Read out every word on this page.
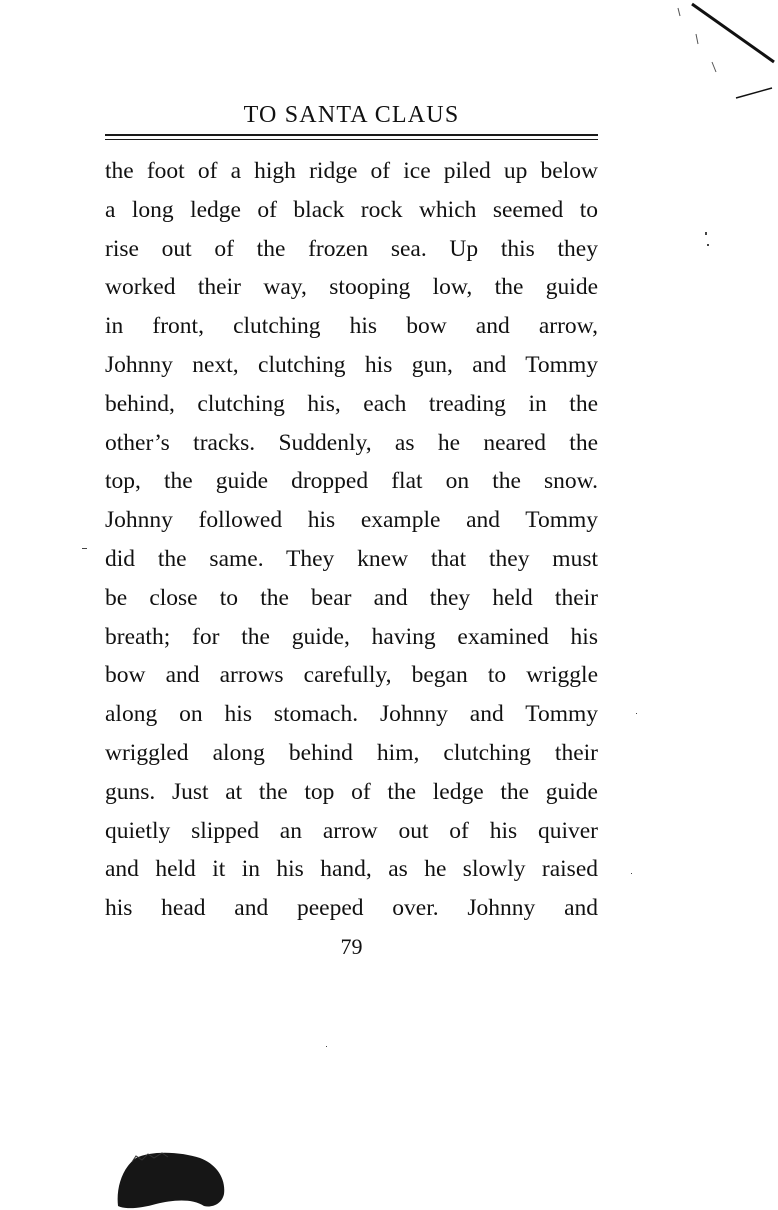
TO SANTA CLAUS
the foot of a high ridge of ice piled up below
a long ledge of black rock which seemed to
rise out of the frozen sea. Up this they
worked their way, stooping low, the guide
in front, clutching his bow and arrow,
Johnny next, clutching his gun, and Tommy
behind, clutching his, each treading in the
other’s tracks. Suddenly, as he neared the
top, the guide dropped flat on the snow.
Johnny followed his example and Tommy
did the same. They knew that they must
be close to the bear and they held their
breath; for the guide, having examined his
bow and arrows carefully, began to wriggle
along on his stomach. Johnny and Tommy
wriggled along behind him, clutching their
guns. Just at the top of the ledge the guide
quietly slipped an arrow out of his quiver
and held it in his hand, as he slowly raised
his head and peeped over. Johnny and
79
